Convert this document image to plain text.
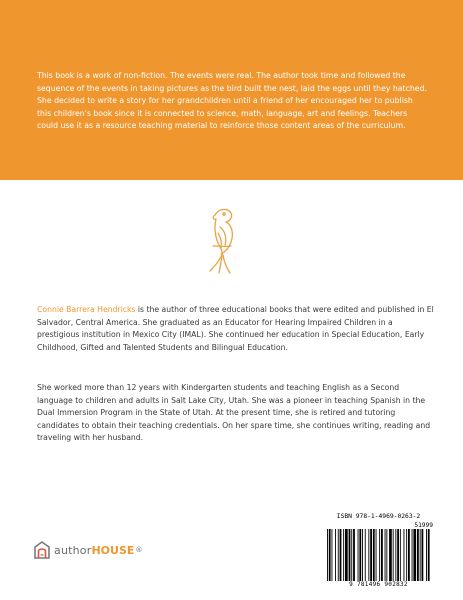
This book is a work of non-fiction. The events were real. The author took time and followed the sequence of the events in taking pictures as the bird built the nest, laid the eggs until they hatched. She decided to write a story for her grandchildren until a friend of her encouraged her to publish this children's book since it is connected to science, math, language, art and feelings. Teachers could use it as a resource teaching material to reinforce those content areas of the curriculum.

Connie Barrera Hendricks is the author of three educational books that were edited and published in El Salvador, Central America. She graduated as an Educator for Hearing Impaired Children in a prestigious institution in Mexico City (IMAL). She continued her education in Special Education, Early Childhood, Gifted and Talented Students and Bilingual Education.

She worked more than 12 years with Kindergarten students and teaching English as a Second language to children and adults in Salt Lake City, Utah. She was a pioneer in teaching Spanish in the Dual Immersion Program in the State of Utah. At the present time, she is retired and tutoring candidates to obtain their teaching credentials. On her spare time, she continues writing, reading and traveling with her husband.

author HOUSE ®
ISBN 978-1-4969-0263-2
51999
9 781496 902832
